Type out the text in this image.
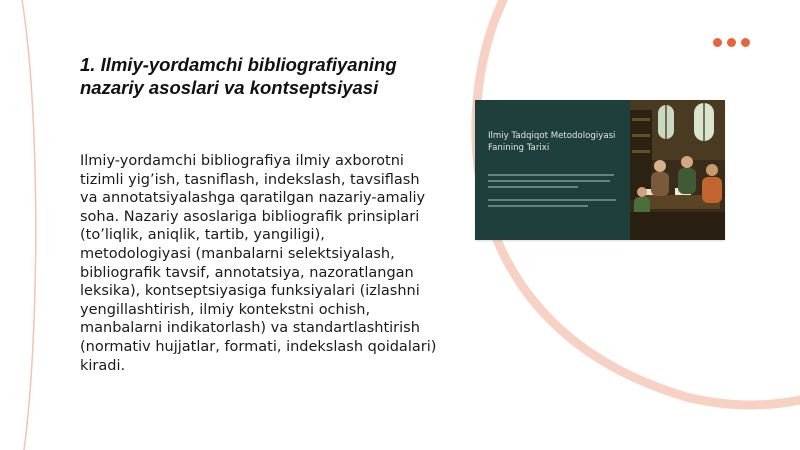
1. Ilmiy-yordamchi bibliografiyaning nazariy asoslari va kontseptsiyasi

Ilmiy-yordamchi bibliografiya ilmiy axborotni tizimli yig’ish, tasniflash, indekslash, tavsiflash va annotatsiyalashga qaratilgan nazariy-amaliy soha. Nazariy asoslariga bibliografik prinsiplari (to’liqlik, aniqlik, tartib, yangiligi), metodologiyasi (manbalarni selektsiyalash, bibliografik tavsif, annotatsiya, nazoratlangan leksika), kontseptsiyasiga funksiyalari (izlashni yengillashtirish, ilmiy kontekstni ochish, manbalarni indikatorlash) va standartlashtirish (normativ hujjatlar, formati, indekslash qoidalari) kiradi.

Ilmiy Tadqiqot Metodologiyasi Fanining Tarixi
